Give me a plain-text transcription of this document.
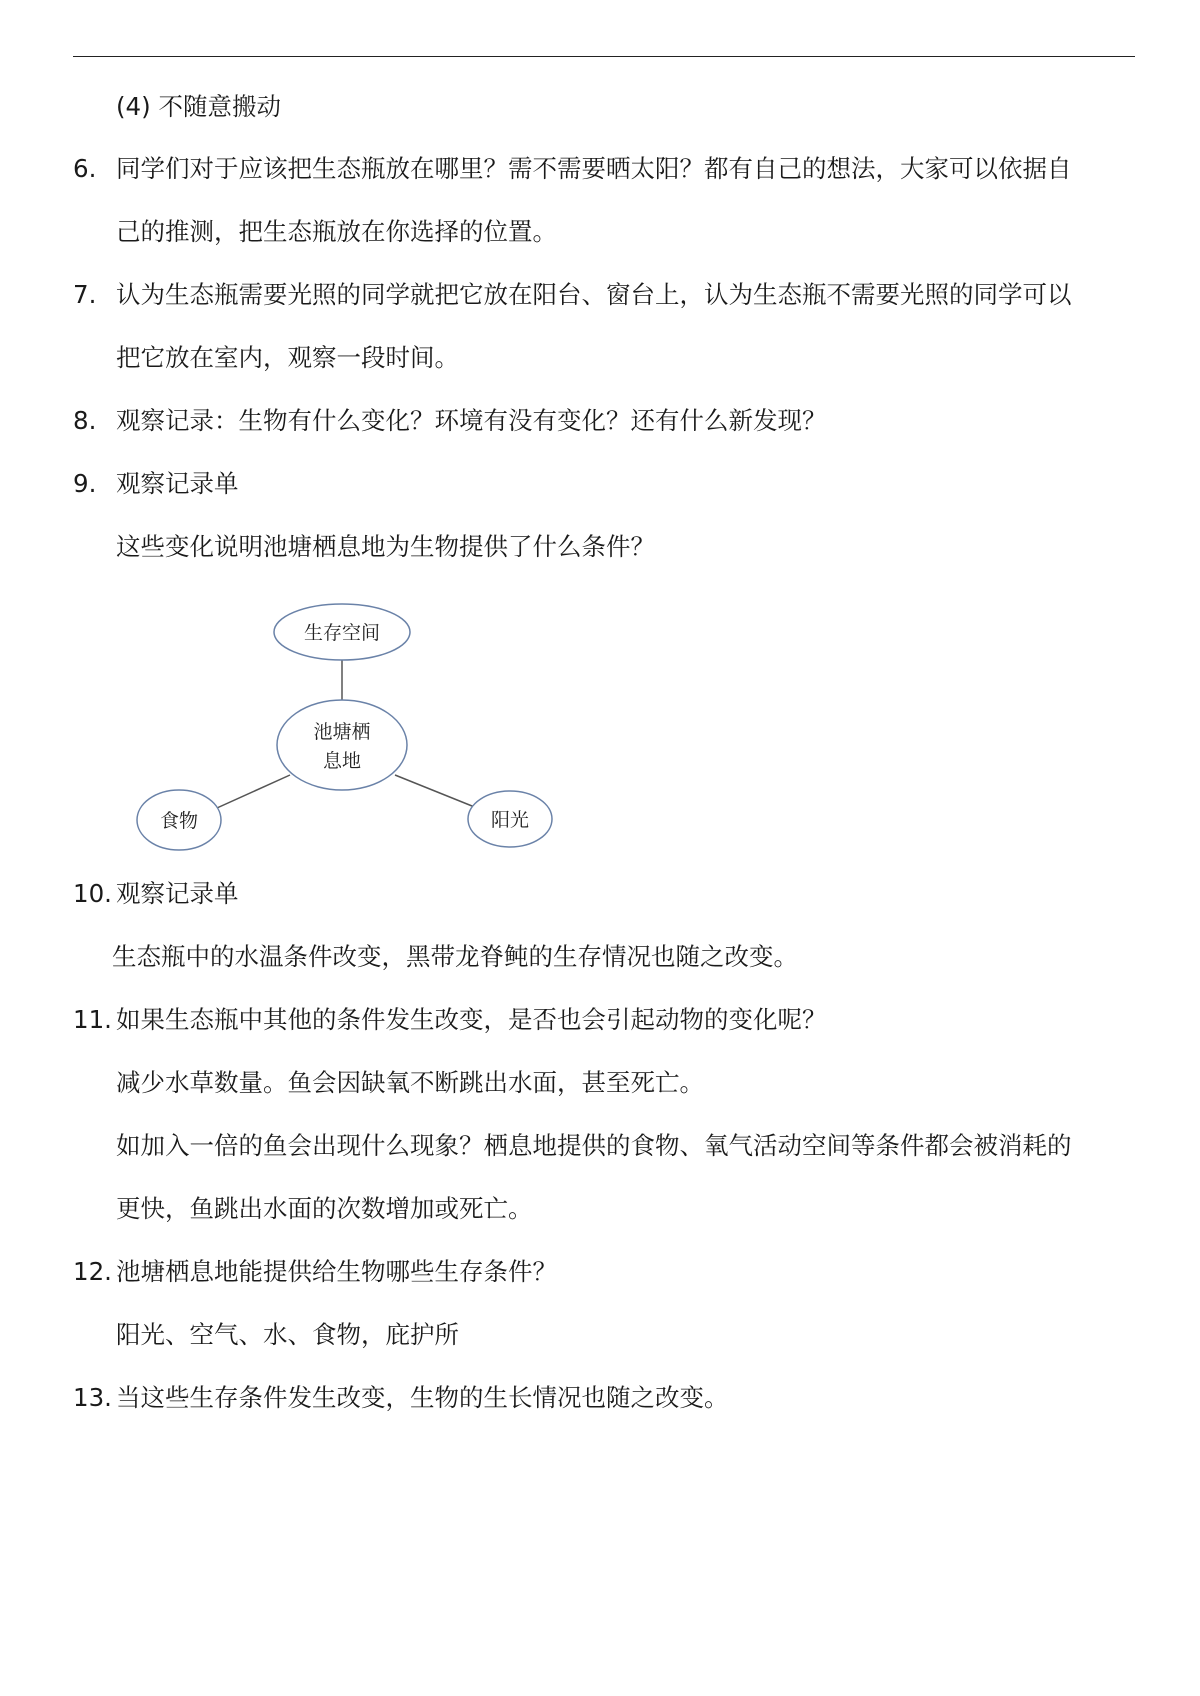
(4) 不随意搬动
6. 同学们对于应该把生态瓶放在哪里？需不需要晒太阳？都有自己的想法，大家可以依据自
己的推测，把生态瓶放在你选择的位置。
7. 认为生态瓶需要光照的同学就把它放在阳台、窗台上，认为生态瓶不需要光照的同学可以
把它放在室内，观察一段时间。
8. 观察记录：生物有什么变化？环境有没有变化？还有什么新发现？
9. 观察记录单
这些变化说明池塘栖息地为生物提供了什么条件？
生存空间
池塘栖
息地
食物	阳光
10. 观察记录单
生态瓶中的水温条件改变，黑带龙脊鲀的生存情况也随之改变。
11. 如果生态瓶中其他的条件发生改变，是否也会引起动物的变化呢？
减少水草数量。鱼会因缺氧不断跳出水面，甚至死亡。
如加入一倍的鱼会出现什么现象？栖息地提供的食物、氧气活动空间等条件都会被消耗的
更快，鱼跳出水面的次数增加或死亡。
12. 池塘栖息地能提供给生物哪些生存条件？
阳光、空气、水、食物，庇护所
13. 当这些生存条件发生改变，生物的生长情况也随之改变。
